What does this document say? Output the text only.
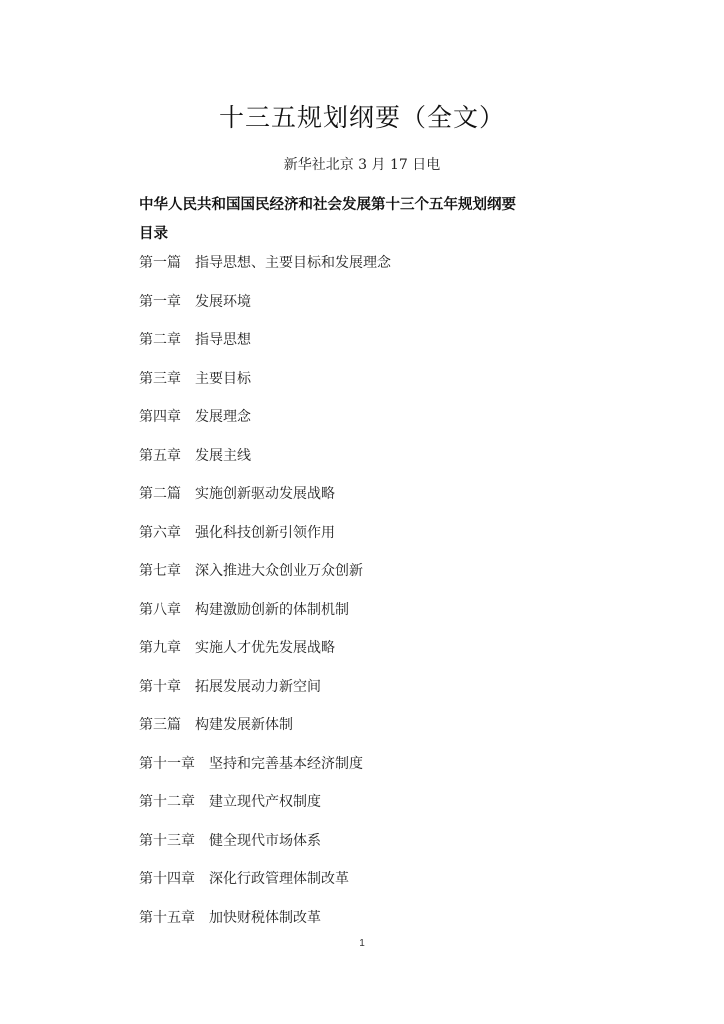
十三五规划纲要（全文）
新华社北京 3 月 17 日电
中华人民共和国国民经济和社会发展第十三个五年规划纲要
目录
第一篇 指导思想、主要目标和发展理念
第一章 发展环境
第二章 指导思想
第三章 主要目标
第四章 发展理念
第五章 发展主线
第二篇 实施创新驱动发展战略
第六章 强化科技创新引领作用
第七章 深入推进大众创业万众创新
第八章 构建激励创新的体制机制
第九章 实施人才优先发展战略
第十章 拓展发展动力新空间
第三篇 构建发展新体制
第十一章 坚持和完善基本经济制度
第十二章 建立现代产权制度
第十三章 健全现代市场体系
第十四章 深化行政管理体制改革
第十五章 加快财税体制改革
1
